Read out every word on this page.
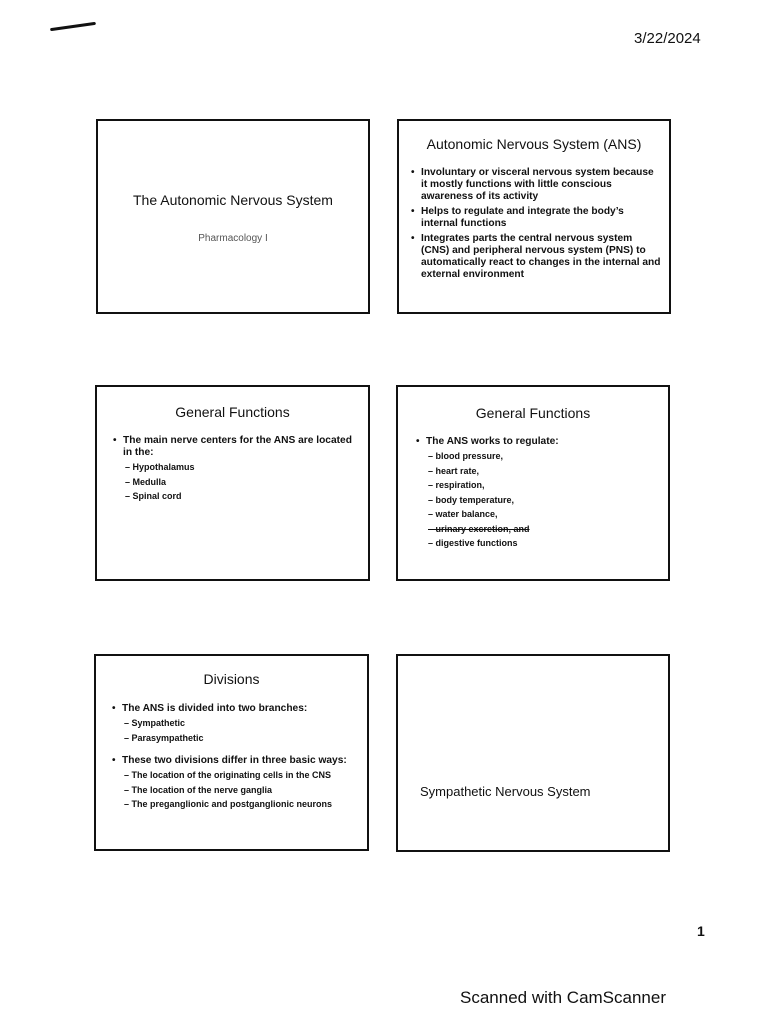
3/22/2024
The Autonomic Nervous System
Pharmacology I
Autonomic Nervous System (ANS)
• Involuntary or visceral nervous system because it mostly functions with little conscious awareness of its activity
• Helps to regulate and integrate the body’s internal functions
• Integrates parts the central nervous system (CNS) and peripheral nervous system (PNS) to automatically react to changes in the internal and external environment
General Functions
• The main nerve centers for the ANS are located in the:
– Hypothalamus
– Medulla
– Spinal cord
General Functions
• The ANS works to regulate:
– blood pressure,
– heart rate,
– respiration,
– body temperature,
– water balance,
– urinary excretion, and
– digestive functions
Divisions
• The ANS is divided into two branches:
– Sympathetic
– Parasympathetic
• These two divisions differ in three basic ways:
– The location of the originating cells in the CNS
– The location of the nerve ganglia
– The preganglionic and postganglionic neurons
Sympathetic Nervous System
1
Scanned with CamScanner
